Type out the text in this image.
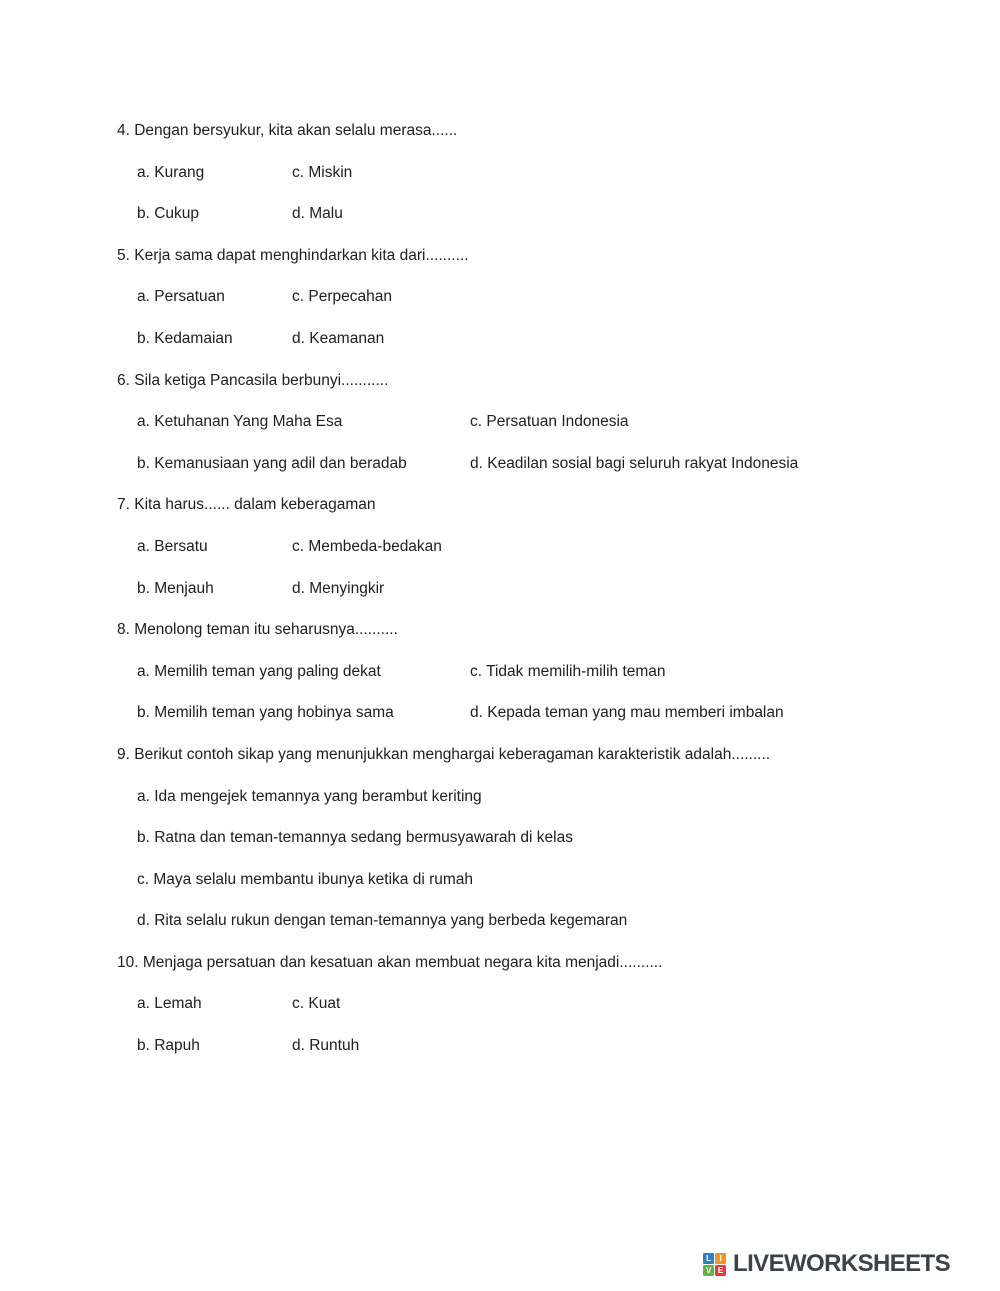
4. Dengan bersyukur, kita akan selalu merasa......
a. Kurang	c. Miskin
b. Cukup	d. Malu
5. Kerja sama dapat menghindarkan kita dari..........
a. Persatuan	c. Perpecahan
b. Kedamaian	d. Keamanan
6. Sila ketiga Pancasila berbunyi...........
a. Ketuhanan Yang Maha Esa	c. Persatuan Indonesia
b. Kemanusiaan yang adil dan beradab	d. Keadilan sosial bagi seluruh rakyat Indonesia
7. Kita harus...... dalam keberagaman
a. Bersatu	c. Membeda-bedakan
b. Menjauh	d. Menyingkir
8. Menolong teman itu seharusnya..........
a. Memilih teman yang paling dekat	c. Tidak memilih-milih teman
b. Memilih teman yang hobinya sama	d. Kepada teman yang mau memberi imbalan
9. Berikut contoh sikap yang menunjukkan menghargai keberagaman karakteristik adalah.........
a. Ida mengejek temannya yang berambut keriting
b. Ratna dan teman-temannya sedang bermusyawarah di kelas
c. Maya selalu membantu ibunya ketika di rumah
d. Rita selalu rukun dengan teman-temannya yang berbeda kegemaran
10. Menjaga persatuan dan kesatuan akan membuat negara kita menjadi..........
a. Lemah	c. Kuat
b. Rapuh	d. Runtuh
L I
V E LIVEWORKSHEETS
